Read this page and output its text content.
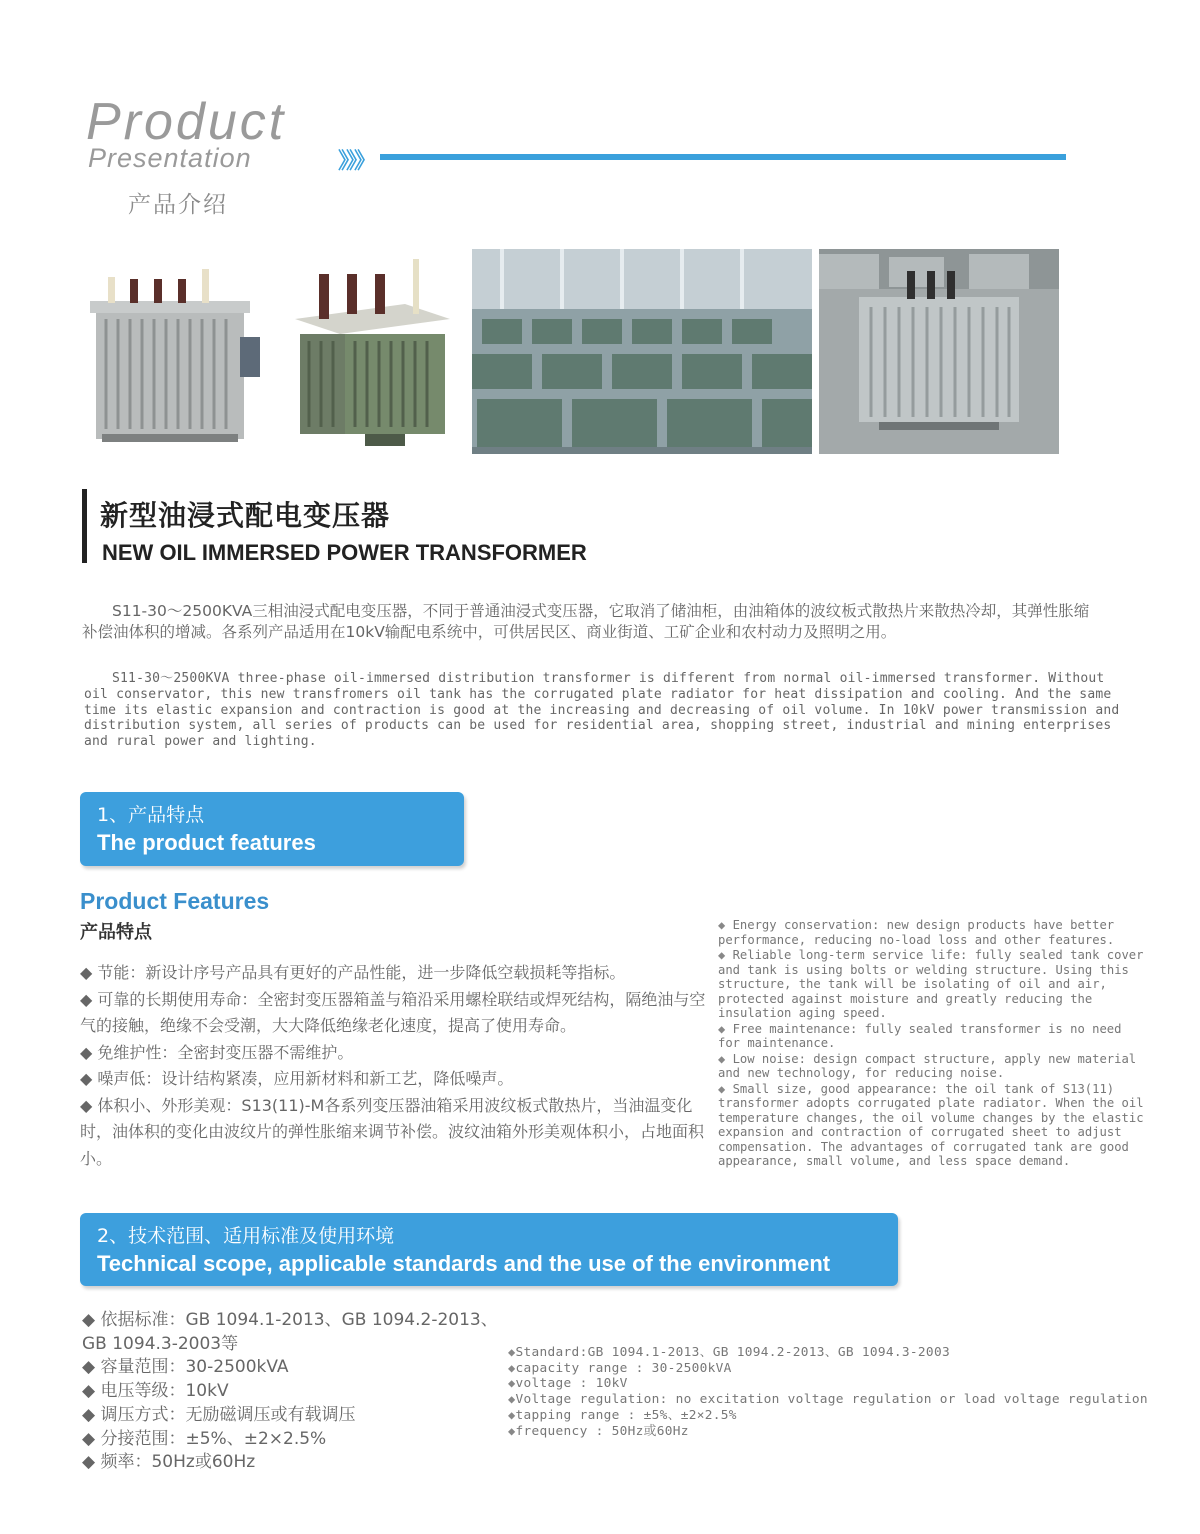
Product
Presentation
产品介绍
》》》
新型油浸式配电变压器
NEW OIL IMMERSED POWER TRANSFORMER
S11-30～2500KVA三相油浸式配电变压器，不同于普通油浸式变压器，它取消了储油柜，由油箱体的波纹板式散热片来散热冷却，其弹性胀缩补偿油体积的增减。各系列产品适用在10kV输配电系统中，可供居民区、商业街道、工矿企业和农村动力及照明之用。
S11-30～2500KVA three-phase oil-immersed distribution transformer is different from normal oil-immersed transformer. Without oil conservator, this new transfromers oil tank has the corrugated plate radiator for heat dissipation and cooling. And the same time its elastic expansion and contraction is good at the increasing and decreasing of oil volume. In 10kV power transmission and distribution system, all series of products can be used for residential area, shopping street, industrial and mining enterprises and rural power and lighting.
1、产品特点
The product features
Product Features
产品特点

◆ 节能：新设计序号产品具有更好的产品性能，进一步降低空载损耗等指标。

◆ 可靠的长期使用寿命：全密封变压器箱盖与箱沿采用螺栓联结或焊死结构，隔绝油与空气的接触，绝缘不会受潮，大大降低绝缘老化速度，提高了使用寿命。

◆ 免维护性：全密封变压器不需维护。

◆ 噪声低：设计结构紧凑，应用新材料和新工艺，降低噪声。

◆ 体积小、外形美观：S13(11)-M各系列变压器油箱采用波纹板式散热片，当油温变化时，油体积的变化由波纹片的弹性胀缩来调节补偿。波纹油箱外形美观体积小，占地面积小。

◆ Energy conservation: new design products have better performance, reducing no-load loss and other features.

◆ Reliable long-term service life: fully sealed tank cover and tank is using bolts or welding structure. Using this structure, the tank will be isolating of oil and air, protected against moisture and greatly reducing the insulation aging speed.

◆ Free maintenance: fully sealed transformer is no need for maintenance.

◆ Low noise: design compact structure, apply new material and new technology, for reducing noise.

◆ Small size, good appearance: the oil tank of S13(11) transformer adopts corrugated plate radiator. When the oil temperature changes, the oil volume changes by the elastic expansion and contraction of corrugated sheet to adjust compensation. The advantages of corrugated tank are good appearance, small volume, and less space demand.

2、技术范围、适用标准及使用环境
Technical scope, applicable standards and the use of the environment

◆ 依据标准：GB 1094.1-2013、GB 1094.2-2013、GB 1094.3-2003等

◆ 容量范围：30-2500kVA

◆ 电压等级：10kV

◆ 调压方式：无励磁调压或有载调压

◆ 分接范围：±5%、±2×2.5%

◆ 频率：50Hz或60Hz

◆Standard:GB 1094.1-2013、GB 1094.2-2013、GB 1094.3-2003

◆capacity range : 30-2500kVA

◆voltage : 10kV

◆Voltage regulation: no excitation voltage regulation or load voltage regulation

◆tapping range : ±5%、±2×2.5%

◆frequency : 50Hz或60Hz
